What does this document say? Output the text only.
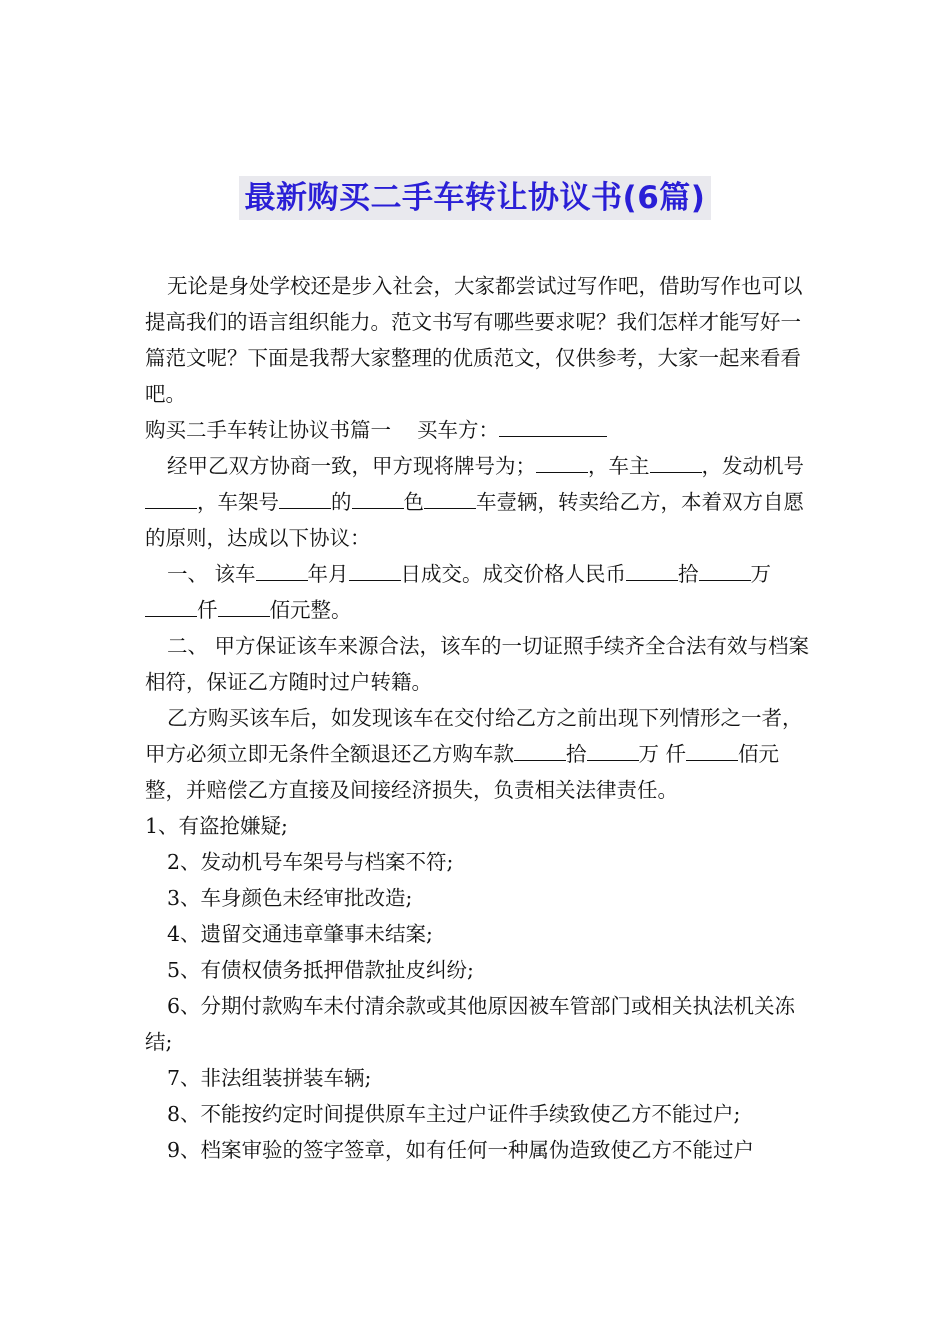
最新购买二手车转让协议书(6篇)

无论是身处学校还是步入社会，大家都尝试过写作吧，借助写作也可以提高我们的语言组织能力。范文书写有哪些要求呢？我们怎样才能写好一篇范文呢？下面是我帮大家整理的优质范文，仅供参考，大家一起来看看吧。

购买二手车转让协议书篇一 买车方：

经甲乙双方协商一致，甲方现将牌号为；	，车主	，发动机号，车架号	的	色	车壹辆，转卖给乙方，本着双方自愿的原则，达成以下协议：

一、 该车	年月	日成交。成交价格人民币	拾	万仟	佰元整。

二、 甲方保证该车来源合法，该车的一切证照手续齐全合法有效与档案相符，保证乙方随时过户转籍。

乙方购买该车后，如发现该车在交付给乙方之前出现下列情形之一者，甲方必须立即无条件全额退还乙方购车款	拾	万 仟	佰元整，并赔偿乙方直接及间接经济损失，负责相关法律责任。

1、有盗抢嫌疑;

2、发动机号车架号与档案不符;

3、车身颜色未经审批改造;

4、遗留交通违章肇事未结案;

5、有债权债务抵押借款扯皮纠纷;

6、分期付款购车未付清余款或其他原因被车管部门或相关执法机关冻结;

7、非法组装拼装车辆;

8、不能按约定时间提供原车主过户证件手续致使乙方不能过户;

9、档案审验的签字签章，如有任何一种属伪造致使乙方不能过户
